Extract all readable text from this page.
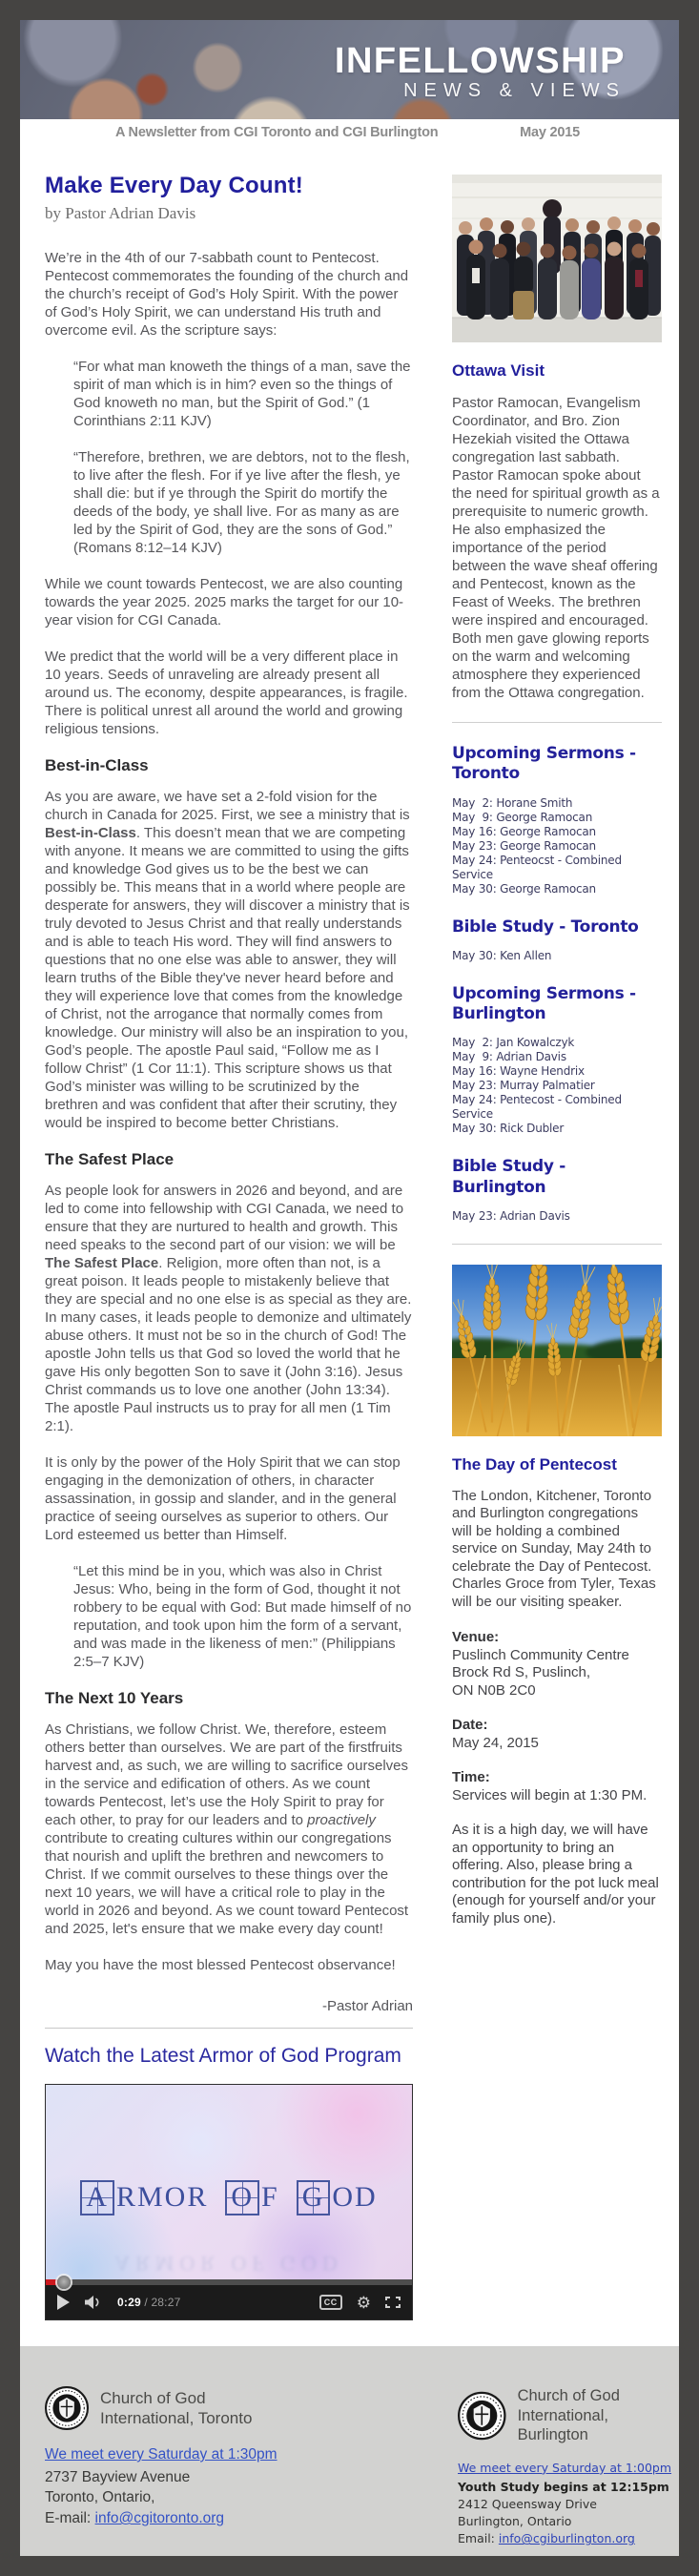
INFELLOWSHIP
NEWS & VIEWS
A Newsletter from CGI Toronto and CGI Burlington	May 2015
Make Every Day Count!
by Pastor Adrian Davis

We’re in the 4th of our 7-sabbath count to Pentecost. Pentecost commemorates the founding of the church and the church’s receipt of God’s Holy Spirit. With the power of God’s Holy Spirit, we can understand His truth and overcome evil. As the scripture says:

“For what man knoweth the things of a man, save the spirit of man which is in him? even so the things of God knoweth no man, but the Spirit of God.” (1 Corinthians 2:11 KJV)
“Therefore, brethren, we are debtors, not to the flesh, to live after the flesh. For if ye live after the flesh, ye shall die: but if ye through the Spirit do mortify the deeds of the body, ye shall live. For as many as are led by the Spirit of God, they are the sons of God.” (Romans 8:12–14 KJV)

While we count towards Pentecost, we are also counting towards the year 2025. 2025 marks the target for our 10-year vision for CGI Canada.

We predict that the world will be a very different place in 10 years. Seeds of unraveling are already present all around us. The economy, despite appearances, is fragile. There is political unrest all around the world and growing religious tensions.

Best-in-Class

As you are aware, we have set a 2-fold vision for the church in Canada for 2025. First, we see a ministry that is Best-in-Class. This doesn’t mean that we are competing with anyone. It means we are committed to using the gifts and knowledge God gives us to be the best we can possibly be. This means that in a world where people are desperate for answers, they will discover a ministry that is truly devoted to Jesus Christ and that really understands and is able to teach His word. They will find answers to questions that no one else was able to answer, they will learn truths of the Bible they've never heard before and they will experience love that comes from the knowledge of Christ, not the arrogance that normally comes from knowledge. Our ministry will also be an inspiration to you, God’s people. The apostle Paul said, “Follow me as I follow Christ” (1 Cor 11:1). This scripture shows us that God’s minister was willing to be scrutinized by the brethren and was confident that after their scrutiny, they would be inspired to become better Christians.

The Safest Place

As people look for answers in 2026 and beyond, and are led to come into fellowship with CGI Canada, we need to ensure that they are nurtured to health and growth. This need speaks to the second part of our vision: we will be The Safest Place. Religion, more often than not, is a great poison. It leads people to mistakenly believe that they are special and no one else is as special as they are. In many cases, it leads people to demonize and ultimately abuse others. It must not be so in the church of God! The apostle John tells us that God so loved the world that he gave His only begotten Son to save it (John 3:16). Jesus Christ commands us to love one another (John 13:34). The apostle Paul instructs us to pray for all men (1 Tim 2:1).

It is only by the power of the Holy Spirit that we can stop engaging in the demonization of others, in character assassination, in gossip and slander, and in the general practice of seeing ourselves as superior to others. Our Lord esteemed us better than Himself.

“Let this mind be in you, which was also in Christ Jesus: Who, being in the form of God, thought it not robbery to be equal with God: But made himself of no reputation, and took upon him the form of a servant, and was made in the likeness of men:” (Philippians 2:5–7 KJV)
The Next 10 Years

As Christians, we follow Christ. We, therefore, esteem others better than ourselves. We are part of the firstfruits harvest and, as such, we are willing to sacrifice ourselves in the service and edification of others. As we count towards Pentecost, let’s use the Holy Spirit to pray for each other, to pray for our leaders and to proactively contribute to creating cultures within our congregations that nourish and uplift the brethren and newcomers to Christ. If we commit ourselves to these things over the next 10 years, we will have a critical role to play in the world in 2026 and beyond. As we count toward Pentecost and 2025, let's ensure that we make every day count!

May you have the most blessed Pentecost observance!

-Pastor Adrian

Watch the Latest Armor of God Program
A RMOR O F G OD
ARMOR OF GOD
0:29 / 28:27	CC ⚙
Ottawa Visit

Pastor Ramocan, Evangelism Coordinator, and Bro. Zion Hezekiah visited the Ottawa congregation last sabbath. Pastor Ramocan spoke about the need for spiritual growth as a prerequisite to numeric growth. He also emphasized the importance of the period between the wave sheaf offering and Pentecost, known as the Feast of Weeks. The brethren were inspired and encouraged. Both men gave glowing reports on the warm and welcoming atmosphere they experienced from the Ottawa congregation.

Upcoming Sermons - Toronto
May  2: Horane Smith
May  9: George Ramocan
May 16: George Ramocan
May 23: George Ramocan
May 24: Penteocst - Combined Service
May 30: George Ramocan
Bible Study - Toronto
May 30: Ken Allen
Upcoming Sermons - Burlington
May  2: Jan Kowalczyk
May  9: Adrian Davis
May 16: Wayne Hendrix
May 23: Murray Palmatier
May 24: Pentecost - Combined Service
May 30: Rick Dubler
Bible Study - Burlington
May 23: Adrian Davis
The Day of Pentecost

The London, Kitchener, Toronto and Burlington congregations will be holding a combined service on Sunday, May 24th to celebrate the Day of Pentecost. Charles Groce from Tyler, Texas will be our visiting speaker.

Venue:
Puslinch Community Centre
Brock Rd S, Puslinch,
ON N0B 2C0
Date:
May 24, 2015
Time:
Services will begin at 1:30 PM.

As it is a high day, we will have an opportunity to bring an offering. Also, please bring a contribution for the pot luck meal (enough for yourself and/or your family plus one).

Church of God
International, Toronto
We meet every Saturday at 1:30pm
2737 Bayview Avenue
Toronto, Ontario,
E-mail: info@cgitoronto.org
Church of God
International, Burlington
We meet every Saturday at 1:00pm
Youth Study begins at 12:15pm
2412 Queensway Drive
Burlington, Ontario
Email: info@cgiburlington.org
